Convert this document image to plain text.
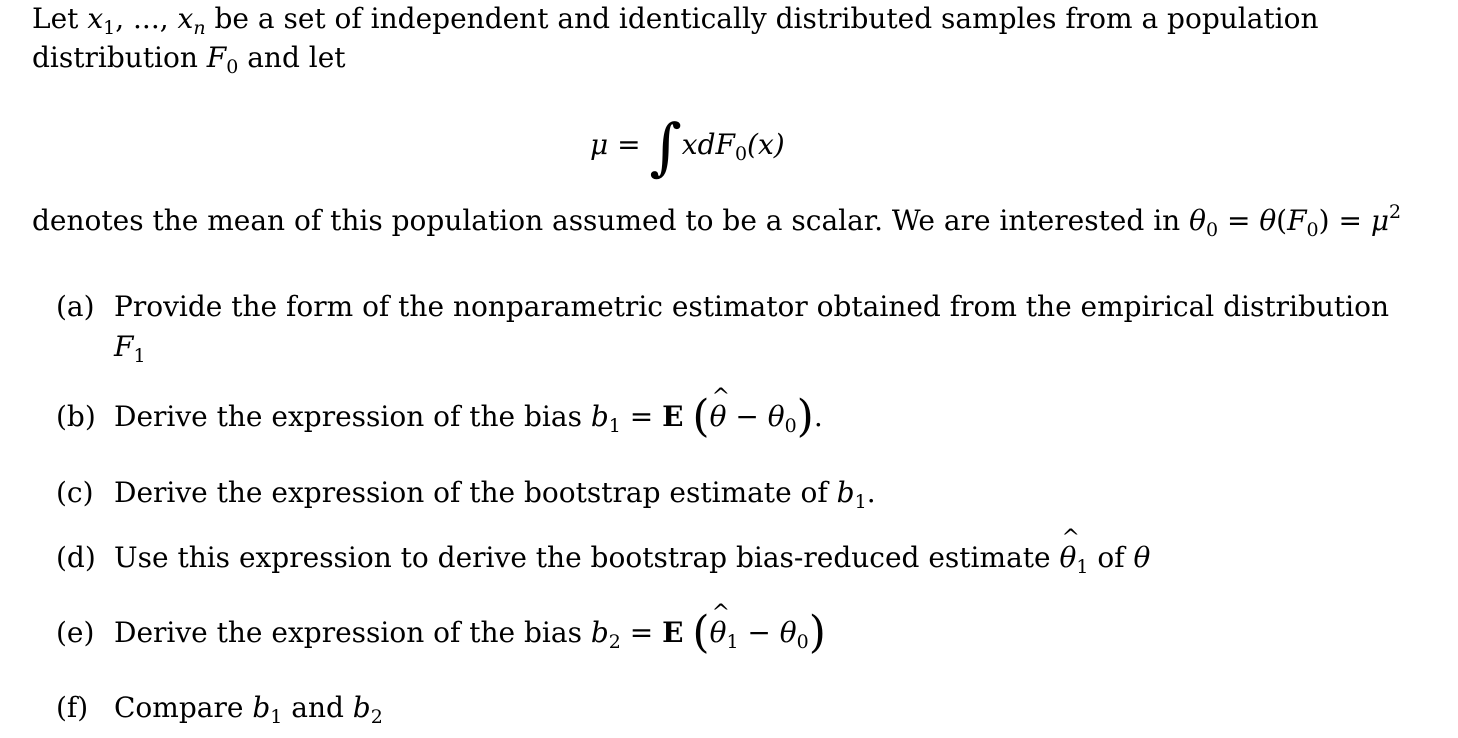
Let $x_1$, ..., $x_n$ be a set of independent and identically distributed samples from a population
distribution $F_0$ and let
μ = ∫xdF$_0$(x)
denotes the mean of this population assumed to be a scalar. We are interested in $\theta_0 = \theta(F_0) = \mu^2$
(a) Provide the form of the nonparametric estimator obtained from the empirical distribution
$F_1$
(b) Derive the expression of the bias $b_1 = E$ (^ $\theta - \theta_0$).
(c) Derive the expression of the bootstrap estimate of $b_1$.
(d) Use this expression to derive the bootstrap bias-reduced estimate ^ $\theta_1$ of θ
(e) Derive the expression of the bias $b_2 = E$ (^ $\theta_1 - \theta_0$)
(f) Compare $b_1$ and $b_2$
